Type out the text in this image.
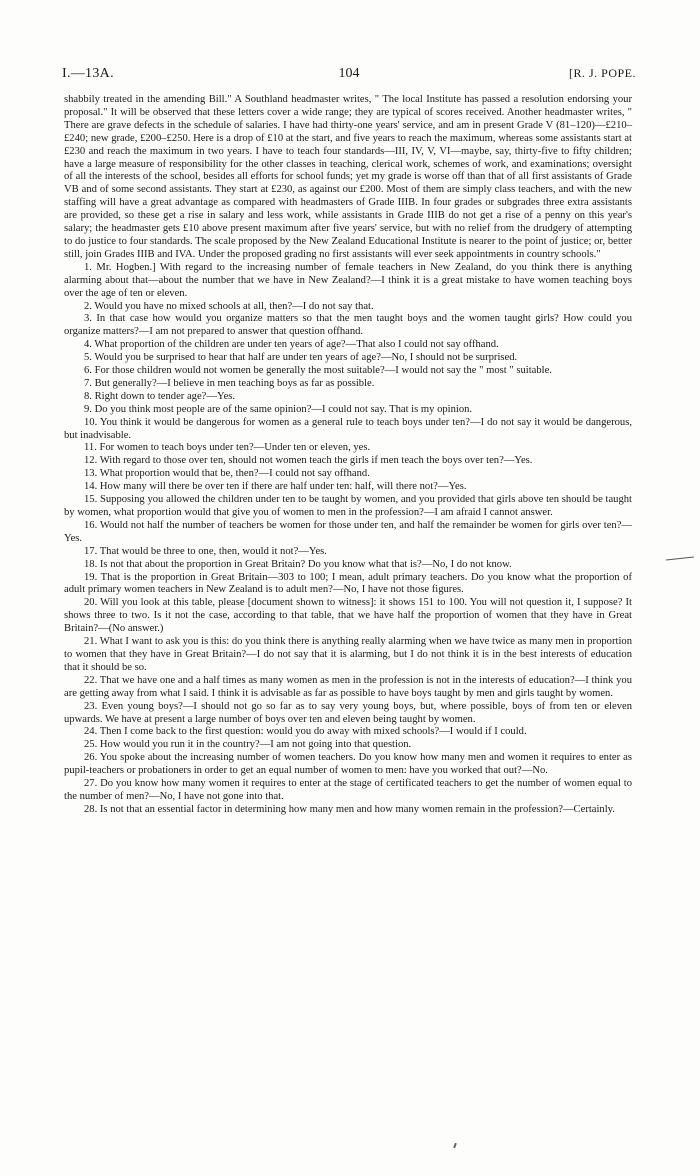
I.—13A.	104	[R. J. POPE.

shabbily treated in the amending Bill." A Southland headmaster writes, " The local Institute has passed a resolution endorsing your proposal." It will be observed that these letters cover a wide range; they are typical of scores received. Another headmaster writes, " There are grave defects in the schedule of salaries. I have had thirty-one years' service, and am in present Grade V (81–120)—£210–£240; new grade, £200–£250. Here is a drop of £10 at the start, and five years to reach the maximum, whereas some assistants start at £230 and reach the maximum in two years. I have to teach four standards—III, IV, V, VI—maybe, say, thirty-five to fifty children; have a large measure of responsibility for the other classes in teaching, clerical work, schemes of work, and examinations; oversight of all the interests of the school, besides all efforts for school funds; yet my grade is worse off than that of all first assistants of Grade VB and of some second assistants. They start at £230, as against our £200. Most of them are simply class teachers, and with the new staffing will have a great advantage as compared with headmasters of Grade IIIB. In four grades or subgrades three extra assistants are provided, so these get a rise in salary and less work, while assistants in Grade IIIB do not get a rise of a penny on this year's salary; the headmaster gets £10 above present maximum after five years' service, but with no relief from the drudgery of attempting to do justice to four standards. The scale proposed by the New Zealand Educational Institute is nearer to the point of justice; or, better still, join Grades IIIB and IVA. Under the proposed grading no first assistants will ever seek appointments in country schools."

1. Mr. Hogben.] With regard to the increasing number of female teachers in New Zealand, do you think there is anything alarming about that—about the number that we have in New Zealand?—I think it is a great mistake to have women teaching boys over the age of ten or eleven.

2. Would you have no mixed schools at all, then?—I do not say that.

3. In that case how would you organize matters so that the men taught boys and the women taught girls? How could you organize matters?—I am not prepared to answer that question offhand.

4. What proportion of the children are under ten years of age?—That also I could not say offhand.

5. Would you be surprised to hear that half are under ten years of age?—No, I should not be surprised.

6. For those children would not women be generally the most suitable?—I would not say the " most " suitable.

7. But generally?—I believe in men teaching boys as far as possible.

8. Right down to tender age?—Yes.

9. Do you think most people are of the same opinion?—I could not say. That is my opinion.

10. You think it would be dangerous for women as a general rule to teach boys under ten?—I do not say it would be dangerous, but inadvisable.

11. For women to teach boys under ten?—Under ten or eleven, yes.

12. With regard to those over ten, should not women teach the girls if men teach the boys over ten?—Yes.

13. What proportion would that be, then?—I could not say offhand.

14. How many will there be over ten if there are half under ten: half, will there not?—Yes.

15. Supposing you allowed the children under ten to be taught by women, and you provided that girls above ten should be taught by women, what proportion would that give you of women to men in the profession?—I am afraid I cannot answer.

16. Would not half the number of teachers be women for those under ten, and half the remainder be women for girls over ten?—Yes.

17. That would be three to one, then, would it not?—Yes.

18. Is not that about the proportion in Great Britain? Do you know what that is?—No, I do not know.

19. That is the proportion in Great Britain—303 to 100; I mean, adult primary teachers. Do you know what the proportion of adult primary women teachers in New Zealand is to adult men?—No, I have not those figures.

20. Will you look at this table, please [document shown to witness]: it shows 151 to 100. You will not question it, I suppose? It shows three to two. Is it not the case, according to that table, that we have half the proportion of women that they have in Great Britain?—(No answer.)

21. What I want to ask you is this: do you think there is anything really alarming when we have twice as many men in proportion to women that they have in Great Britain?—I do not say that it is alarming, but I do not think it is in the best interests of education that it should be so.

22. That we have one and a half times as many women as men in the profession is not in the interests of education?—I think you are getting away from what I said. I think it is advisable as far as possible to have boys taught by men and girls taught by women.

23. Even young boys?—I should not go so far as to say very young boys, but, where possible, boys of from ten or eleven upwards. We have at present a large number of boys over ten and eleven being taught by women.

24. Then I come back to the first question: would you do away with mixed schools?—I would if I could.

25. How would you run it in the country?—I am not going into that question.

26. You spoke about the increasing number of women teachers. Do you know how many men and women it requires to enter as pupil-teachers or probationers in order to get an equal number of women to men: have you worked that out?—No.

27. Do you know how many women it requires to enter at the stage of certificated teachers to get the number of women equal to the number of men?—No, I have not gone into that.

28. Is not that an essential factor in determining how many men and how many women remain in the profession?—Certainly.
